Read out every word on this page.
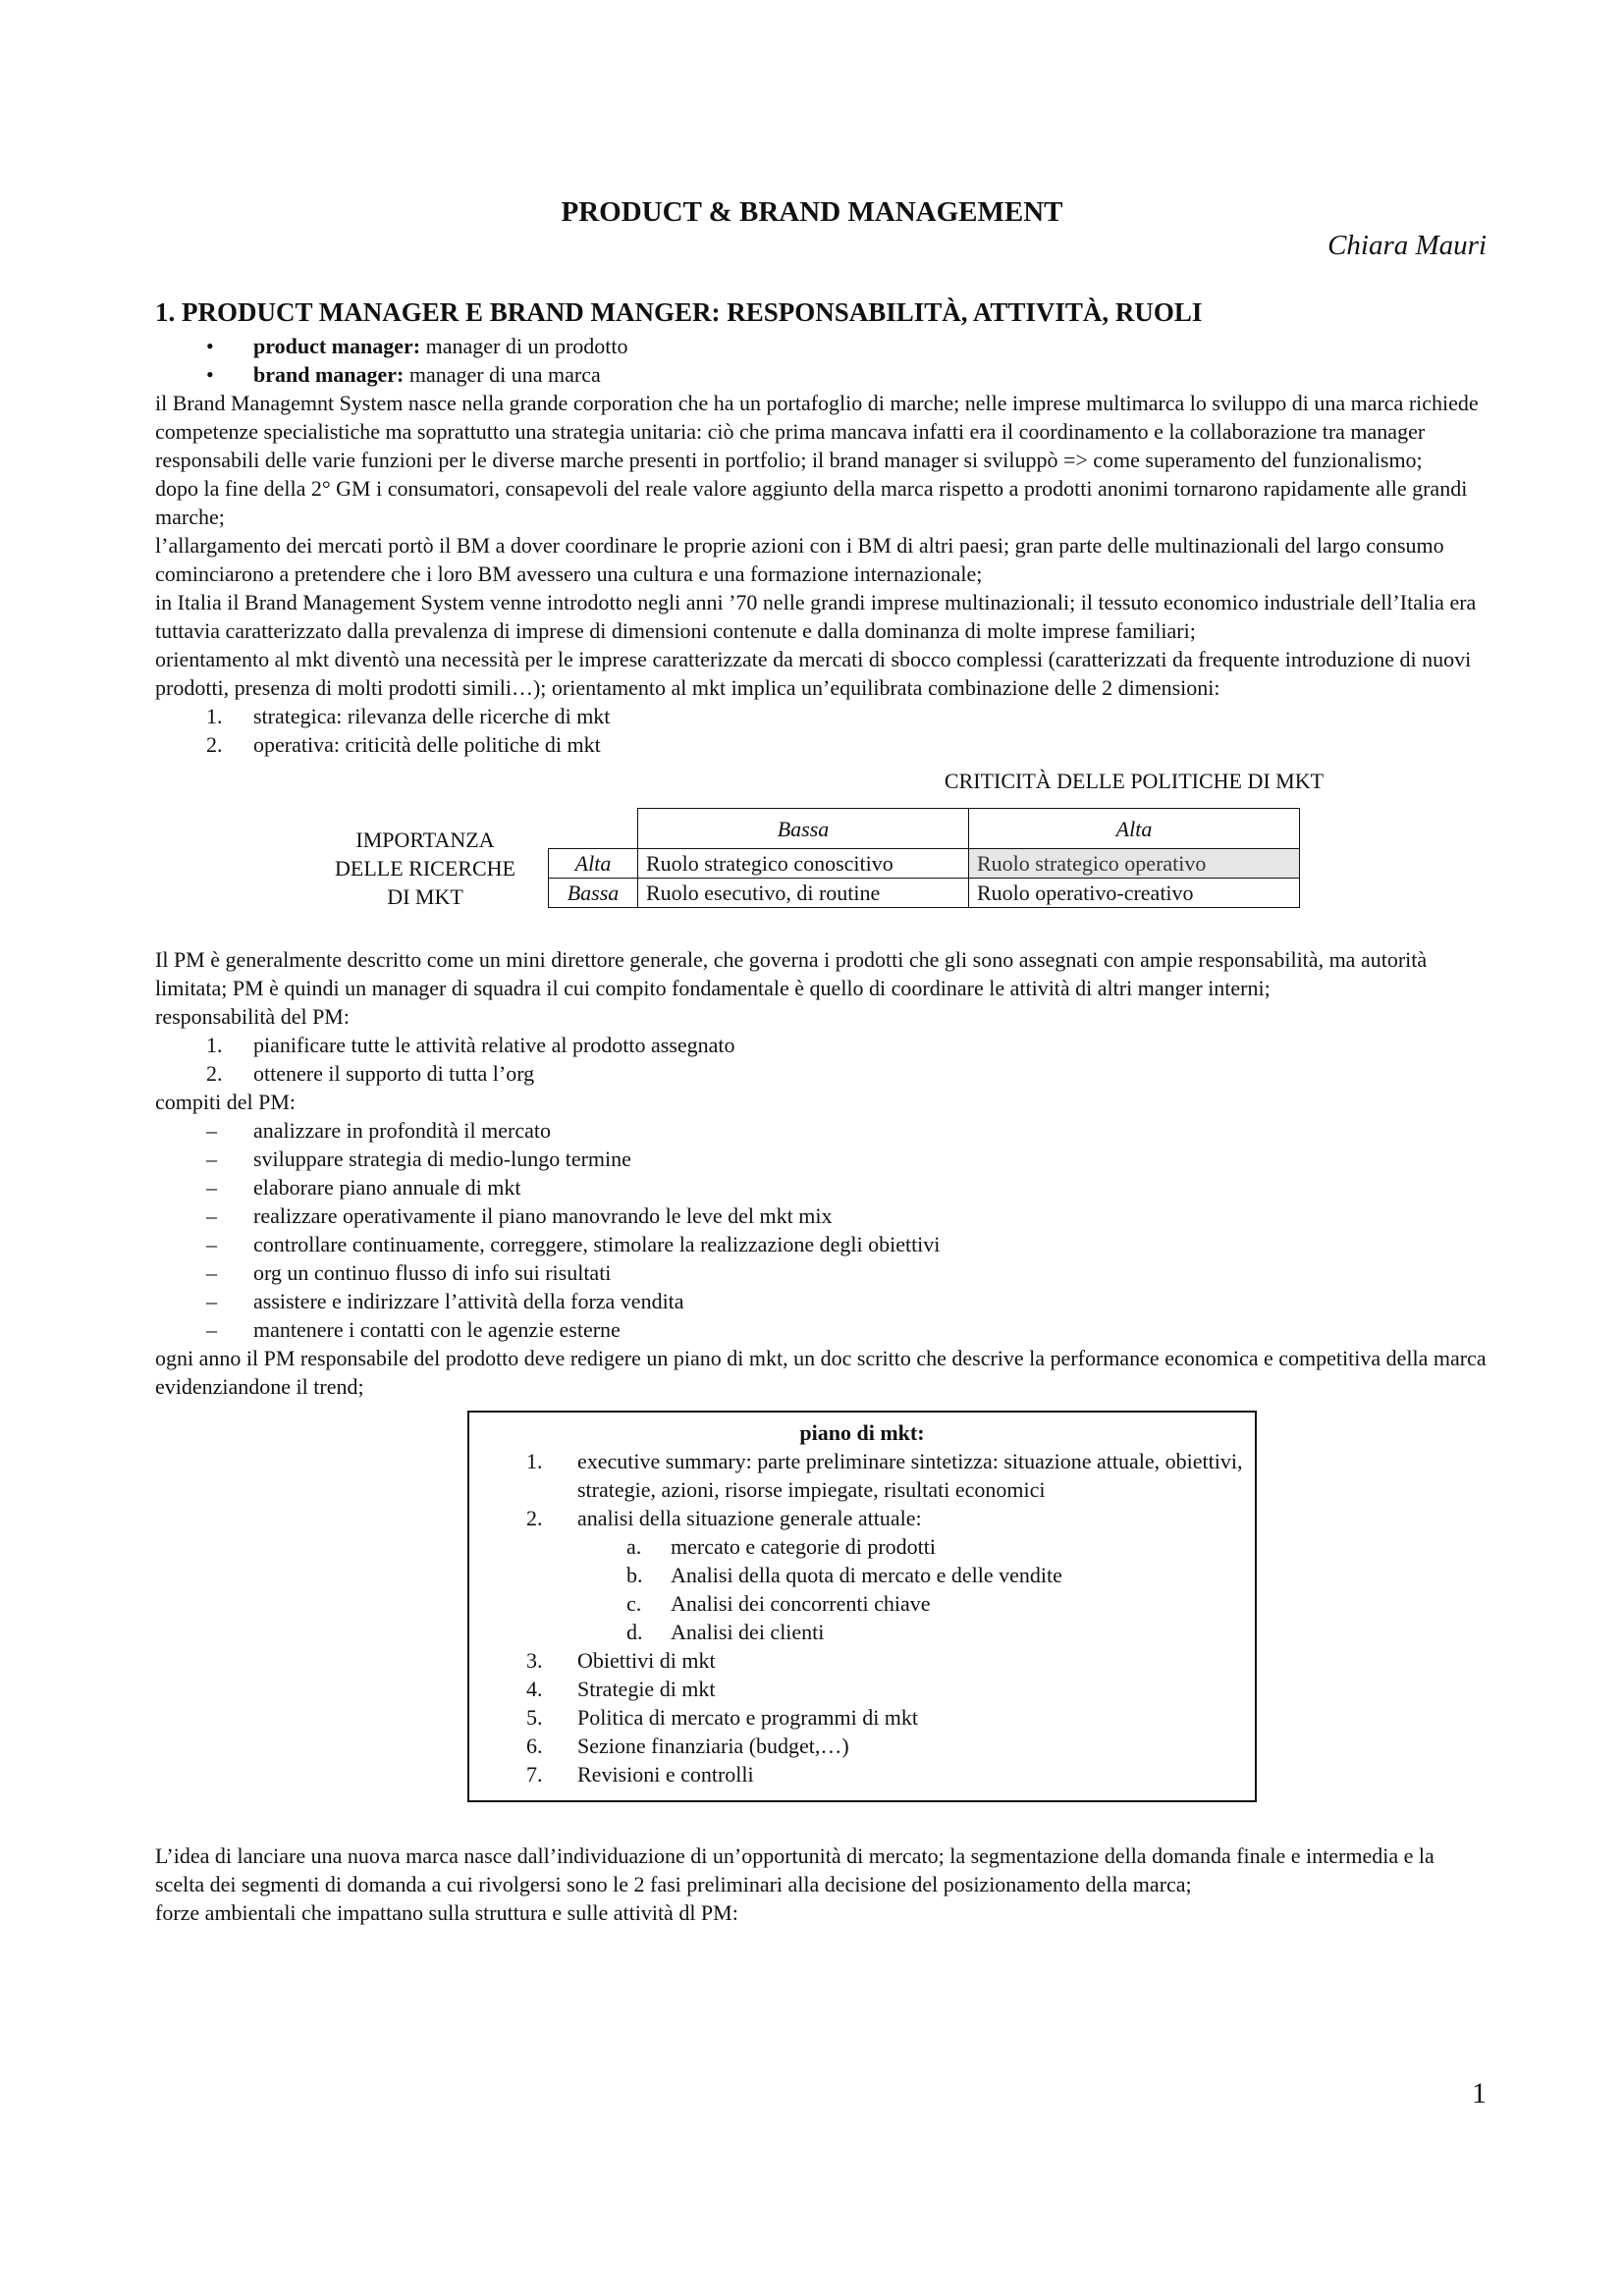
PRODUCT & BRAND MANAGEMENT
Chiara Mauri
1. PRODUCT MANAGER E BRAND MANGER: RESPONSABILITÀ, ATTIVITÀ, RUOLI
•	product manager: manager di un prodotto
•	brand manager: manager di una marca

il Brand Managemnt System nasce nella grande corporation che ha un portafoglio di marche; nelle imprese multimarca lo sviluppo di una marca richiede competenze specialistiche ma soprattutto una strategia unitaria: ciò che prima mancava infatti era il coordinamento e la collaborazione tra manager responsabili delle varie funzioni per le diverse marche presenti in portfolio; il brand manager si sviluppò => come superamento del funzionalismo;

dopo la fine della 2° GM i consumatori, consapevoli del reale valore aggiunto della marca rispetto a prodotti anonimi tornarono rapidamente alle grandi marche;

l’allargamento dei mercati portò il BM a dover coordinare le proprie azioni con i BM di altri paesi; gran parte delle multinazionali del largo consumo cominciarono a pretendere che i loro BM avessero una cultura e una formazione internazionale;

in Italia il Brand Management System venne introdotto negli anni ’70 nelle grandi imprese multinazionali; il tessuto economico industriale dell’Italia era tuttavia caratterizzato dalla prevalenza di imprese di dimensioni contenute e dalla dominanza di molte imprese familiari;

orientamento al mkt diventò una necessità per le imprese caratterizzate da mercati di sbocco complessi (caratterizzati da frequente introduzione di nuovi prodotti, presenza di molti prodotti simili…); orientamento al mkt implica un’equilibrata combinazione delle 2 dimensioni:

1.	strategica: rilevanza delle ricerche di mkt
2.	operativa: criticità delle politiche di mkt
CRITICITÀ DELLE POLITICHE DI MKT
IMPORTANZA
DELLE RICERCHE
DI MKT
	Bassa	Alta
Alta	Ruolo strategico conoscitivo	Ruolo strategico operativo
Bassa	Ruolo esecutivo, di routine	Ruolo operativo-creativo

Il PM è generalmente descritto come un mini direttore generale, che governa i prodotti che gli sono assegnati con ampie responsabilità, ma autorità limitata; PM è quindi un manager di squadra il cui compito fondamentale è quello di coordinare le attività di altri manger interni;

responsabilità del PM:

1.	pianificare tutte le attività relative al prodotto assegnato
2.	ottenere il supporto di tutta l’org

compiti del PM:

–	analizzare in profondità il mercato
–	sviluppare strategia di medio-lungo termine
–	elaborare piano annuale di mkt
–	realizzare operativamente il piano manovrando le leve del mkt mix
–	controllare continuamente, correggere, stimolare la realizzazione degli obiettivi
–	org un continuo flusso di info sui risultati
–	assistere e indirizzare l’attività della forza vendita
–	mantenere i contatti con le agenzie esterne

ogni anno il PM responsabile del prodotto deve redigere un piano di mkt, un doc scritto che descrive la performance economica e competitiva della marca evidenziandone il trend;

piano di mkt:
1. executive summary: parte preliminare sintetizza: situazione attuale, obiettivi, strategie, azioni, risorse impiegate, risultati economici
2. analisi della situazione generale attuale:
a. mercato e categorie di prodotti
b. Analisi della quota di mercato e delle vendite
c. Analisi dei concorrenti chiave
d. Analisi dei clienti
3. Obiettivi di mkt
4. Strategie di mkt
5. Politica di mercato e programmi di mkt
6. Sezione finanziaria (budget,…)
7. Revisioni e controlli

L’idea di lanciare una nuova marca nasce dall’individuazione di un’opportunità di mercato; la segmentazione della domanda finale e intermedia e la scelta dei segmenti di domanda a cui rivolgersi sono le 2 fasi preliminari alla decisione del posizionamento della marca;

forze ambientali che impattano sulla struttura e sulle attività dl PM:

1
